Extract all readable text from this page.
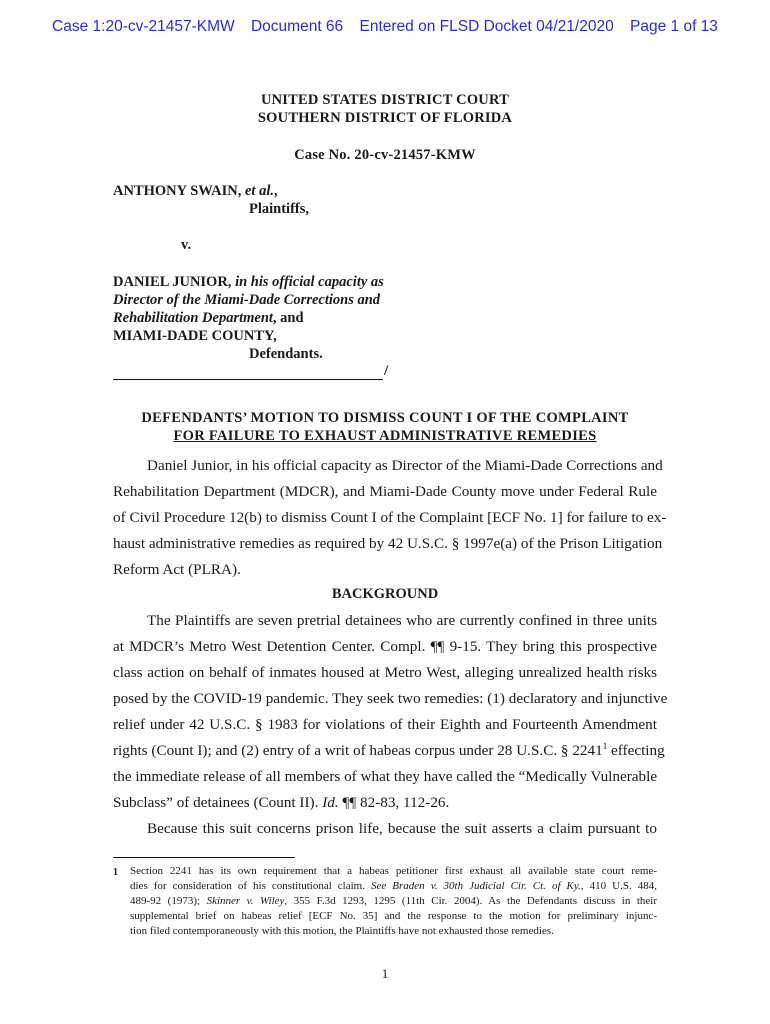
Case 1:20-cv-21457-KMW Document 66 Entered on FLSD Docket 04/21/2020 Page 1 of 13
UNITED STATES DISTRICT COURT
SOUTHERN DISTRICT OF FLORIDA
Case No. 20-cv-21457-KMW
ANTHONY SWAIN, et al.,
Plaintiffs,
v.
DANIEL JUNIOR, in his official capacity as
Director of the Miami-Dade Corrections and
Rehabilitation Department, and
MIAMI-DADE COUNTY,
Defendants.
/
DEFENDANTS’ MOTION TO DISMISS COUNT I OF THE COMPLAINT
FOR FAILURE TO EXHAUST ADMINISTRATIVE REMEDIES
Daniel Junior, in his official capacity as Director of the Miami-Dade Corrections and
Rehabilitation Department (MDCR), and Miami-Dade County move under Federal Rule
of Civil Procedure 12(b) to dismiss Count I of the Complaint [ECF No. 1] for failure to ex-
haust administrative remedies as required by 42 U.S.C. § 1997e(a) of the Prison Litigation
Reform Act (PLRA).
BACKGROUND
The Plaintiffs are seven pretrial detainees who are currently confined in three units
at MDCR’s Metro West Detention Center. Compl. ¶¶ 9-15. They bring this prospective
class action on behalf of inmates housed at Metro West, alleging unrealized health risks
posed by the COVID-19 pandemic. They seek two remedies: (1) declaratory and injunctive
relief under 42 U.S.C. § 1983 for violations of their Eighth and Fourteenth Amendment
rights (Count I); and (2) entry of a writ of habeas corpus under 28 U.S.C. § 2241$^1$ effecting
the immediate release of all members of what they have called the “Medically Vulnerable
Subclass” of detainees (Count II). Id. ¶¶ 82-83, 112-26.
Because this suit concerns prison life, because the suit asserts a claim pursuant to
1 Section 2241 has its own requirement that a habeas petitioner first exhaust all available state court reme-
dies for consideration of his constitutional claim. See Braden v. 30th Judicial Cir. Ct. of Ky., 410 U.S. 484,
489-92 (1973); Skinner v. Wiley, 355 F.3d 1293, 1295 (11th Cir. 2004). As the Defendants discuss in their
supplemental brief on habeas relief [ECF No. 35] and the response to the motion for preliminary injunc-
tion filed contemporaneously with this motion, the Plaintiffs have not exhausted those remedies.
1
